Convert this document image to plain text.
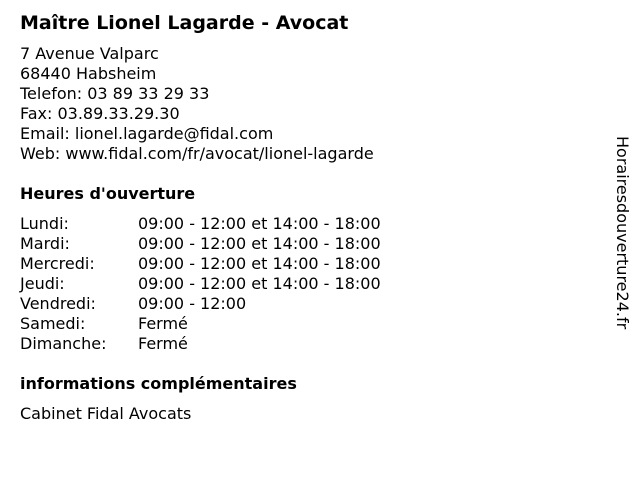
Maître Lionel Lagarde - Avocat
7 Avenue Valparc
68440 Habsheim
Telefon: 03 89 33 29 33
Fax: 03.89.33.29.30
Email: lionel.lagarde@fidal.com
Web: www.fidal.com/fr/avocat/lionel-lagarde
Heures d'ouverture
Lundi:	09:00 - 12:00 et 14:00 - 18:00
Mardi:	09:00 - 12:00 et 14:00 - 18:00
Mercredi:	09:00 - 12:00 et 14:00 - 18:00
Jeudi:	09:00 - 12:00 et 14:00 - 18:00
Vendredi:	09:00 - 12:00
Samedi:	Fermé
Dimanche: Fermé
informations complémentaires
Cabinet Fidal Avocats
Horairesdouverture24.fr
